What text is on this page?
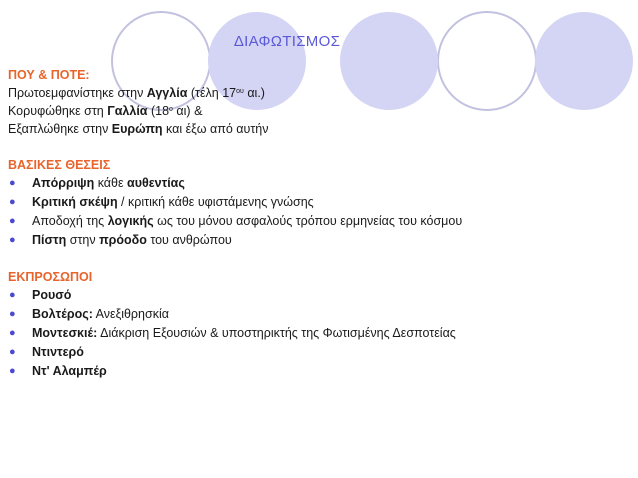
ΔΙΑΦΩΤΙΣΜΟΣ
ΠΟΥ & ΠΟΤΕ:
Πρωτοεμφανίστηκε στην Αγγλία (τέλη $17^{o\upsilon}$ αι.)
Κορυφώθηκε στη Γαλλία ($18^o$ αι) &
Εξαπλώθηκε στην Ευρώπη και έξω από αυτήν
ΒΑΣΙΚΕΣ ΘΕΣΕΙΣ
● Απόρριψη κάθε αυθεντίας
● Κριτική σκέψη / κριτική κάθε υφιστάμενης γνώσης
● Αποδοχή της λογικής ως του μόνου ασφαλούς τρόπου ερμηνείας του κόσμου
● Πίστη στην πρόοδο του ανθρώπου
ΕΚΠΡΟΣΩΠΟΙ
● Ρουσό
● Βολτέρος: Ανεξιθρησκία
● Μοντεσκιέ: Διάκριση Εξουσιών & υποστηρικτής της Φωτισμένης Δεσποτείας
● Ντιντερό
● Ντ' Αλαμπέρ
